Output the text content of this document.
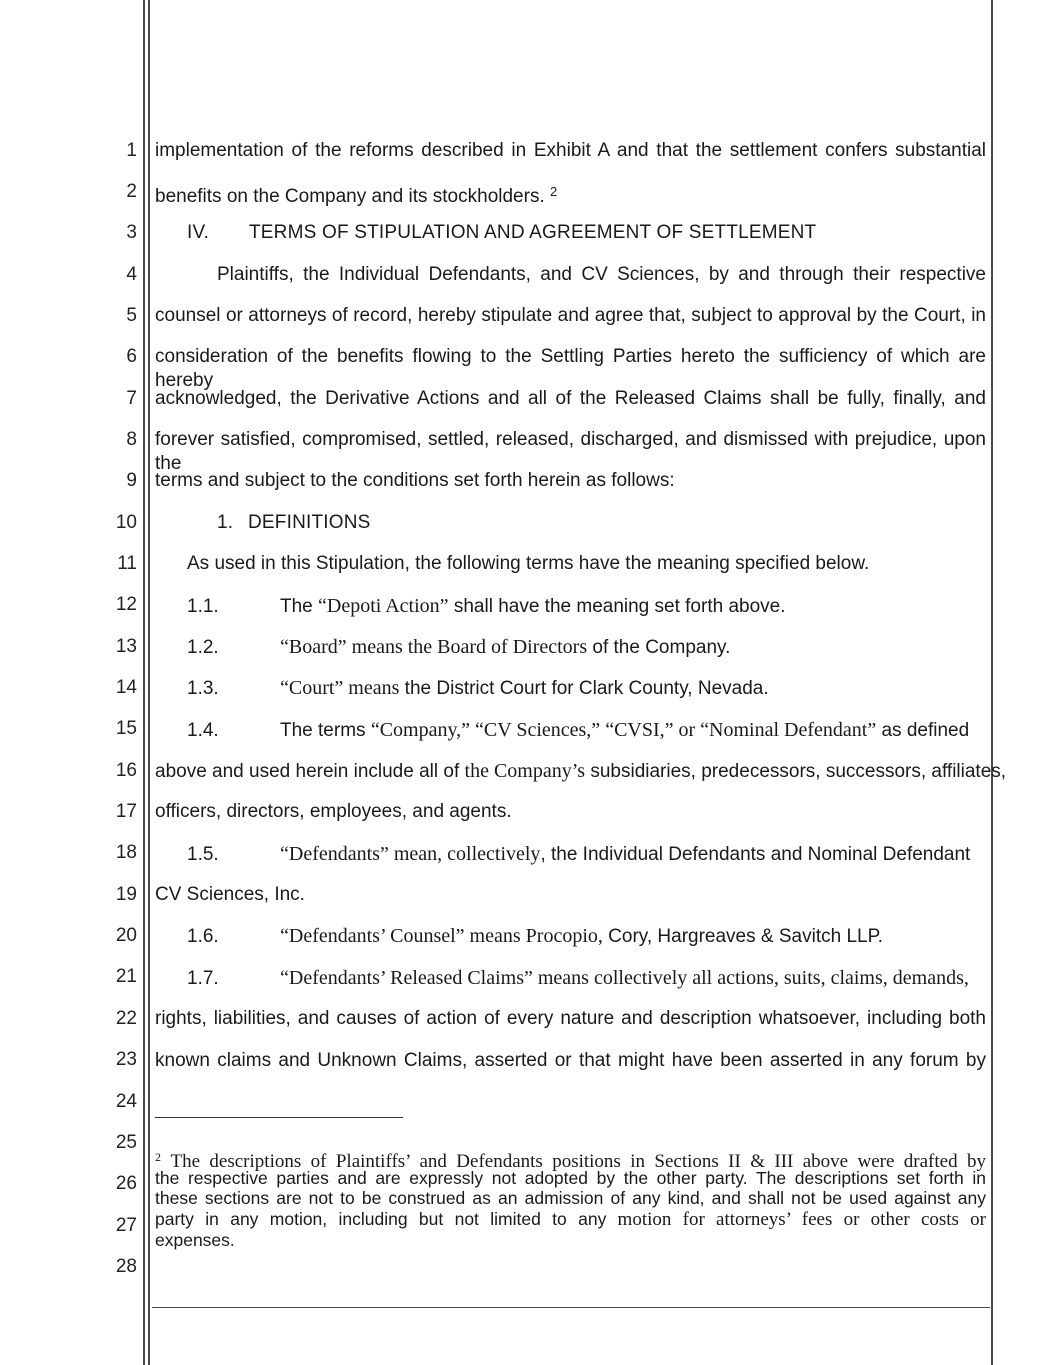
1
2
3
4
5
6
7
8
9
10
11
12
13
14
15
16
17
18
19
20
21
22
23
24
25
26
27
28
implementation of the reforms described in Exhibit A and that the settlement confers substantial
benefits on the Company and its stockholders. $^2$
IV. TERMS OF STIPULATION AND AGREEMENT OF SETTLEMENT
Plaintiffs, the Individual Defendants, and CV Sciences, by and through their respective
counsel or attorneys of record, hereby stipulate and agree that, subject to approval by the Court, in
consideration of the benefits flowing to the Settling Parties hereto the sufficiency of which are hereby
acknowledged, the Derivative Actions and all of the Released Claims shall be fully, finally, and
forever satisfied, compromised, settled, released, discharged, and dismissed with prejudice, upon the
terms and subject to the conditions set forth herein as follows:
1. DEFINITIONS
As used in this Stipulation, the following terms have the meaning specified below.
1.1.	The “Depoti Action” shall have the meaning set forth above.
1.2.	“Board” means the Board of Directors of the Company.
1.3.	“Court” means the District Court for Clark County, Nevada.
1.4.	The terms “Company,” “CV Sciences,” “CVSI,” or “Nominal Defendant” as defined
above and used herein include all of the Company’s subsidiaries, predecessors, successors, affiliates,
officers, directors, employees, and agents.
1.5.	“Defendants” mean, collectively, the Individual Defendants and Nominal Defendant
CV Sciences, Inc.
1.6.	“Defendants’ Counsel” means Procopio, Cory, Hargreaves & Savitch LLP.
1.7.	“Defendants’ Released Claims” means collectively all actions, suits, claims, demands,
rights, liabilities, and causes of action of every nature and description whatsoever, including both
known claims and Unknown Claims, asserted or that might have been asserted in any forum by
$^2$ The descriptions of Plaintiffs’ and Defendants positions in Sections II & III above were drafted by
the respective parties and are expressly not adopted by the other party. The descriptions set forth in
these sections are not to be construed as an admission of any kind, and shall not be used against any
party in any motion, including but not limited to any motion for attorneys’ fees or other costs or
expenses.
